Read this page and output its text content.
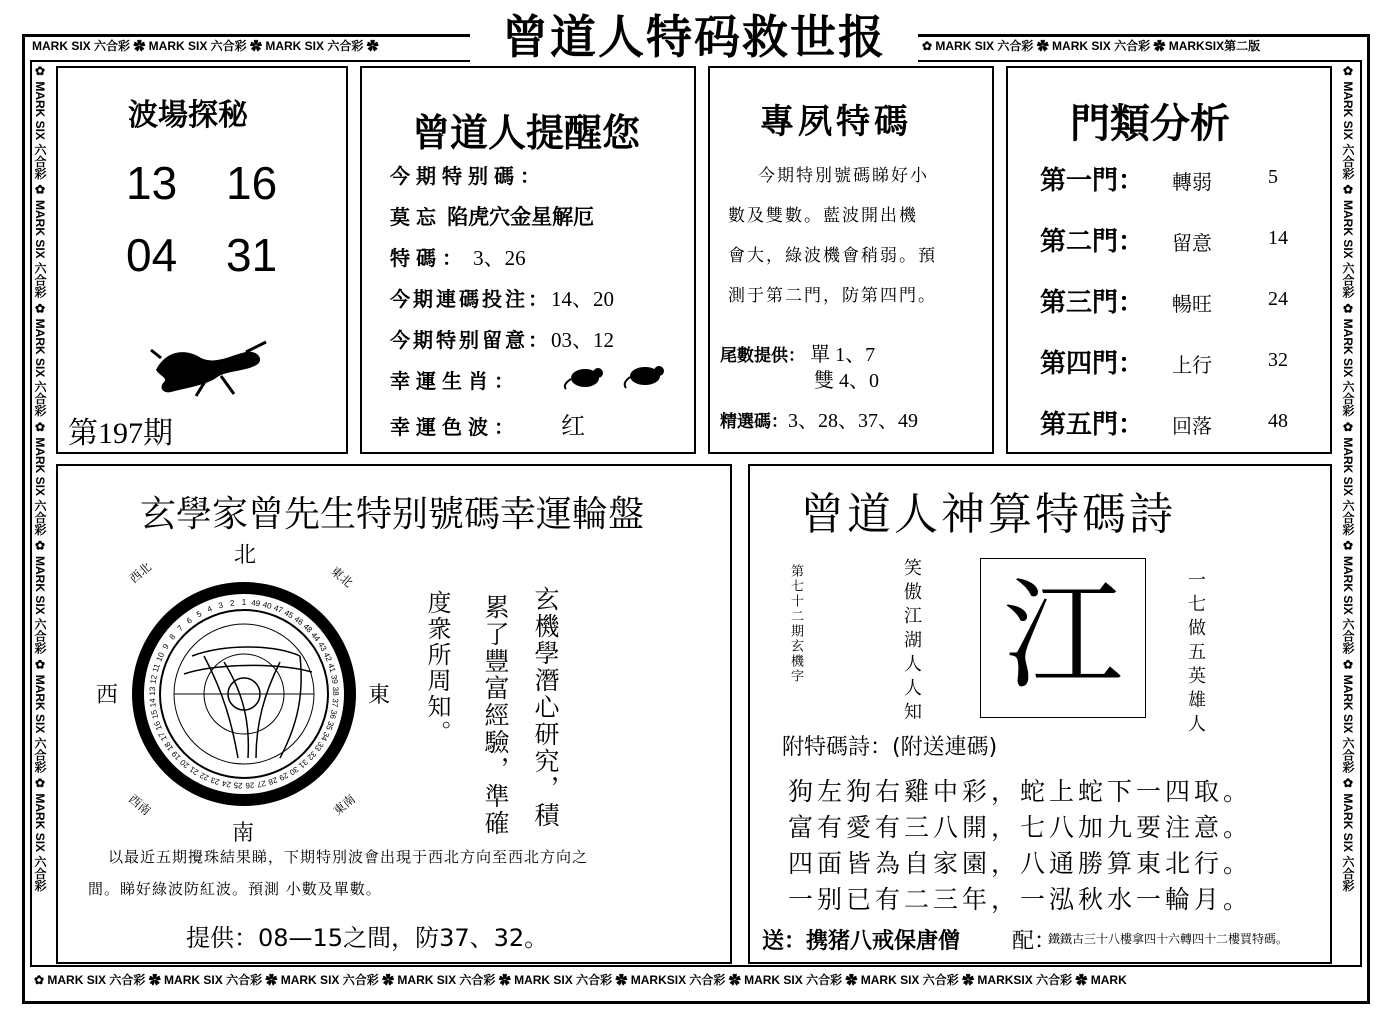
MARK SIX 六合彩 ✿ MARK SIX 六合彩 ✿ MARK SIX 六合彩 ✿	✿ MARK SIX 六合彩 ✿ MARK SIX 六合彩 ✿ MARKSIX第二版
✿ MARK SIX 六合彩 ✿ MARK SIX 六合彩 ✿ MARK SIX 六合彩 ✿ MARK SIX 六合彩 ✿ MARK SIX 六合彩 ✿ MARKSIX 六合彩 ✿ MARK SIX 六合彩 ✿ MARK SIX 六合彩 ✿ MARKSIX 六合彩 ✿ MARK
✿ MARK SIX 六合彩 ✿ MARK SIX 六合彩 ✿ MARK SIX 六合彩 ✿ MARK SIX 六合彩 ✿ MARK SIX 六合彩 ✿ MARK SIX 六合彩 ✿ MARK SIX 六合彩	✿ MARK SIX 六合彩 ✿ MARK SIX 六合彩 ✿ MARK SIX 六合彩 ✿ MARK SIX 六合彩 ✿ MARK SIX 六合彩 ✿ MARK SIX 六合彩 ✿ MARK SIX 六合彩
曾道人特码救世报
波場探秘
13 16
04 31
第197期
曾道人提醒您
今期特别碼：
莫忘 陷虎穴金星解厄
特碼： 3、26
今期連碼投注：14、20
今期特别留意：03、12
幸運生肖：
幸運色波： 红
專夙特碼
今期特別號碼睇好小
數及雙數。藍波開出機
會大，綠波機會稍弱。預
測于第二門，防第四門。
尾數提供： 單 1、7
雙 4、0
精選碼：3、28、37、49
門類分析
第一門： 轉弱	5
第二門： 留意	14
第三門： 暢旺	24
第四門： 上行	32
第五門： 回落	48
玄學家曾先生特别號碼幸運輪盤
1 49 40 47
45
46
48
44
43
42
41
39
38
37
36
35
34
33
32
31
30
29
28
27
26
25
24
23
22
21
20
19
18
17
16
15
14
13
12
11
10
9
8
7
6
5
4 3 2
北
南
東
西
西北	東北
西南	東南	玄機學潛心研究，積
累了豐富經驗，準確
度衆所周知。
以最近五期攪珠結果睇，下期特別波會出現于西北方向至西北方向之
間。睇好綠波防紅波。預測 小數及單數。
提供：08—15之間，防37、32。
曾道人神算特碼詩
第七十二期玄機字	笑傲江湖人人知 江	一七做五英雄人
附特碼詩：(附送連碼)
狗左狗右雞中彩，蛇上蛇下一四取。
富有愛有三八開，七八加九要注意。
四面皆為自家園，八通勝算東北行。
一别已有二三年，一泓秋水一輪月。
送：携猪八戒保唐僧 配：
鐵鐵古三十八樓拿四十六轉四十二樓買特碼。
